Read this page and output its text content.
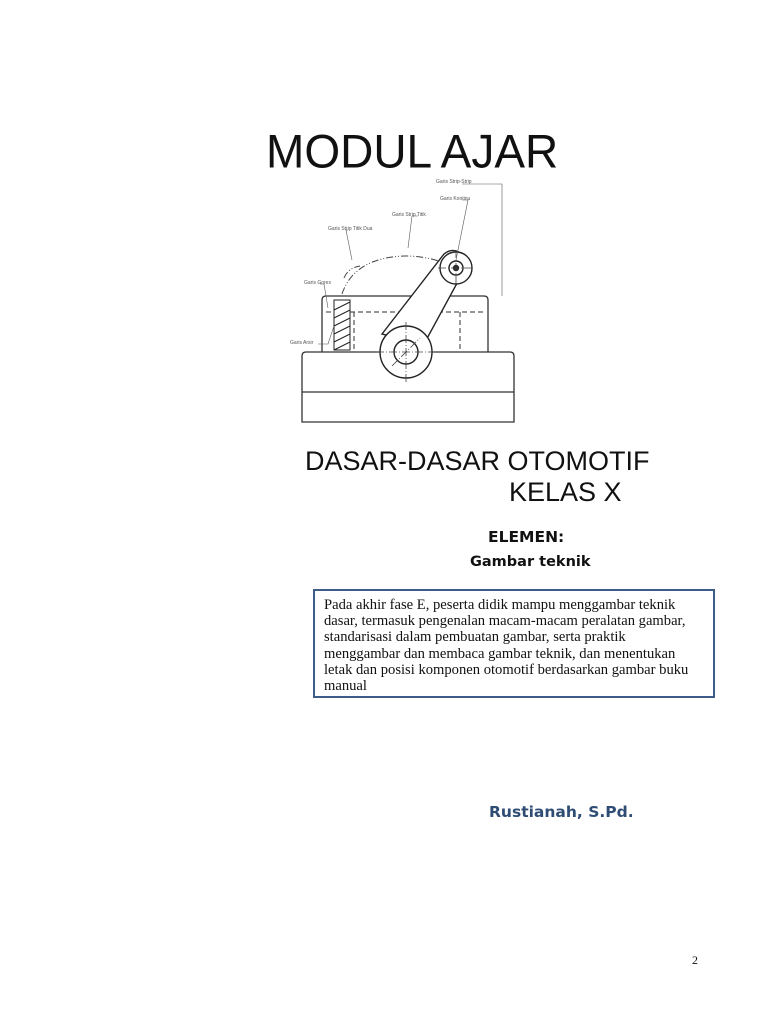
MODUL AJAR
Garis Strip-Strip
Garis Kontinu
Garis Strip Titik
Garis Strip Titik Dua
Garis Gores
Garis Arsir
DASAR-DASAR OTOMOTIF
KELAS X
ELEMEN:
Gambar teknik

Pada akhir fase E, peserta didik mampu menggambar teknik dasar, termasuk pengenalan macam-macam peralatan gambar, standarisasi dalam pembuatan gambar, serta praktik menggambar dan membaca gambar teknik, dan menentukan letak dan posisi komponen otomotif berdasarkan gambar buku manual

Rustianah, S.Pd.
2
